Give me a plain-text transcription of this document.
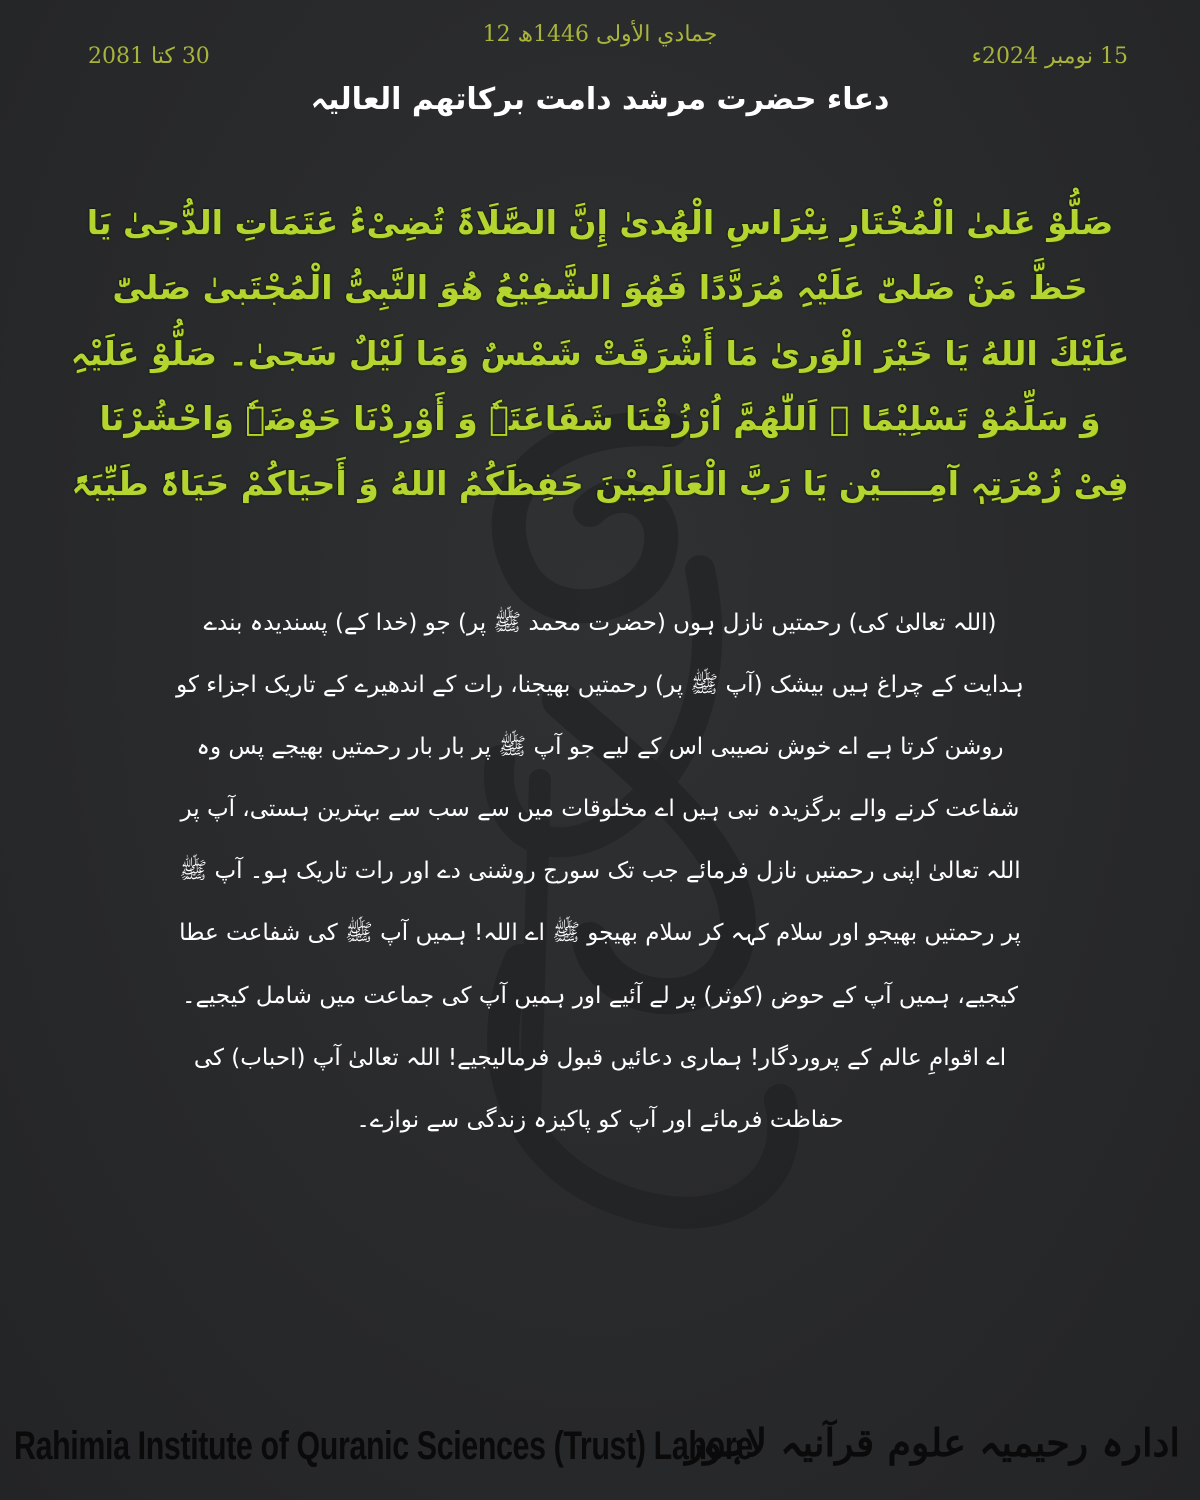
12 جمادي الأولى 1446ھ
15 نومبر 2024ء
30 کتا 2081
دعاء حضرت مرشد دامت برکاتھم العالیہ
صَلُّوْ عَلیٰ الْمُخْتَارِ نِبْرَاسِ الْھُدیٰ إِنَّ الصَّلَاۃَ تُضِیْءُ عَتَمَاتِ الدُّجیٰ یَا حَظَّ مَنْ صَلیّٰ عَلَیْہِ مُرَدَّدًا فَھُوَ الشَّفِیْعُ ھُوَ النَّبِیُّ الْمُجْتَبیٰ صَلیّٰ عَلَیْكَ اللهُ یَا خَیْرَ الْوَریٰ مَا أَشْرَقَتْ شَمْسٌ وَمَا لَیْلٌ سَجیٰ۔ صَلُّوْ عَلَیْہِ وَ سَلِّمُوْ تَسْلِیْمًا ﷺ اَللّٰھُمَّ اُرْزُقْنَا شَفَاعَتَہٗ وَ أَوْرِدْنَا حَوْضَہٗ وَاحْشُرْنَا فِیْ زُمْرَتِہٖ آمِــــیْن یَا رَبَّ الْعَالَمِیْنَ حَفِظَكُمُ اللهُ وَ أَحیَاكُمْ حَیَاۃً طَیِّبَۃً
(اللہ تعالیٰ کی) رحمتیں نازل ہوں (حضرت محمد ﷺ پر) جو (خدا کے) پسندیدہ بندے ہدایت کے چراغ ہیں بیشک (آپ ﷺ پر) رحمتیں بھیجنا، رات کے اندھیرے کے تاریک اجزاء کو روشن کرتا ہے اے خوش نصیبی اس کے لیے جو آپ ﷺ پر بار بار رحمتیں بھیجے پس وہ شفاعت کرنے والے برگزیدہ نبی ہیں اے مخلوقات میں سے سب سے بہترین ہستی، آپ پر اللہ تعالیٰ اپنی رحمتیں نازل فرمائے جب تک سورج روشنی دے اور رات تاریک ہو۔ آپ ﷺ پر رحمتیں بھیجو اور سلام کہہ کر سلام بھیجو ﷺ اے اللہ! ہمیں آپ ﷺ کی شفاعت عطا کیجیے، ہمیں آپ کے حوض (کوثر) پر لے آئیے اور ہمیں آپ کی جماعت میں شامل کیجیے۔ اے اقوامِ عالم کے پروردگار! ہماری دعائیں قبول فرمالیجیے! اللہ تعالیٰ آپ (احباب) کی حفاظت فرمائے اور آپ کو پاکیزہ زندگی سے نوازے۔
Rahimia Institute of Quranic Sciences (Trust) Lahore
ادارہ رحیمیہ علوم قرآنیہ لاہور
